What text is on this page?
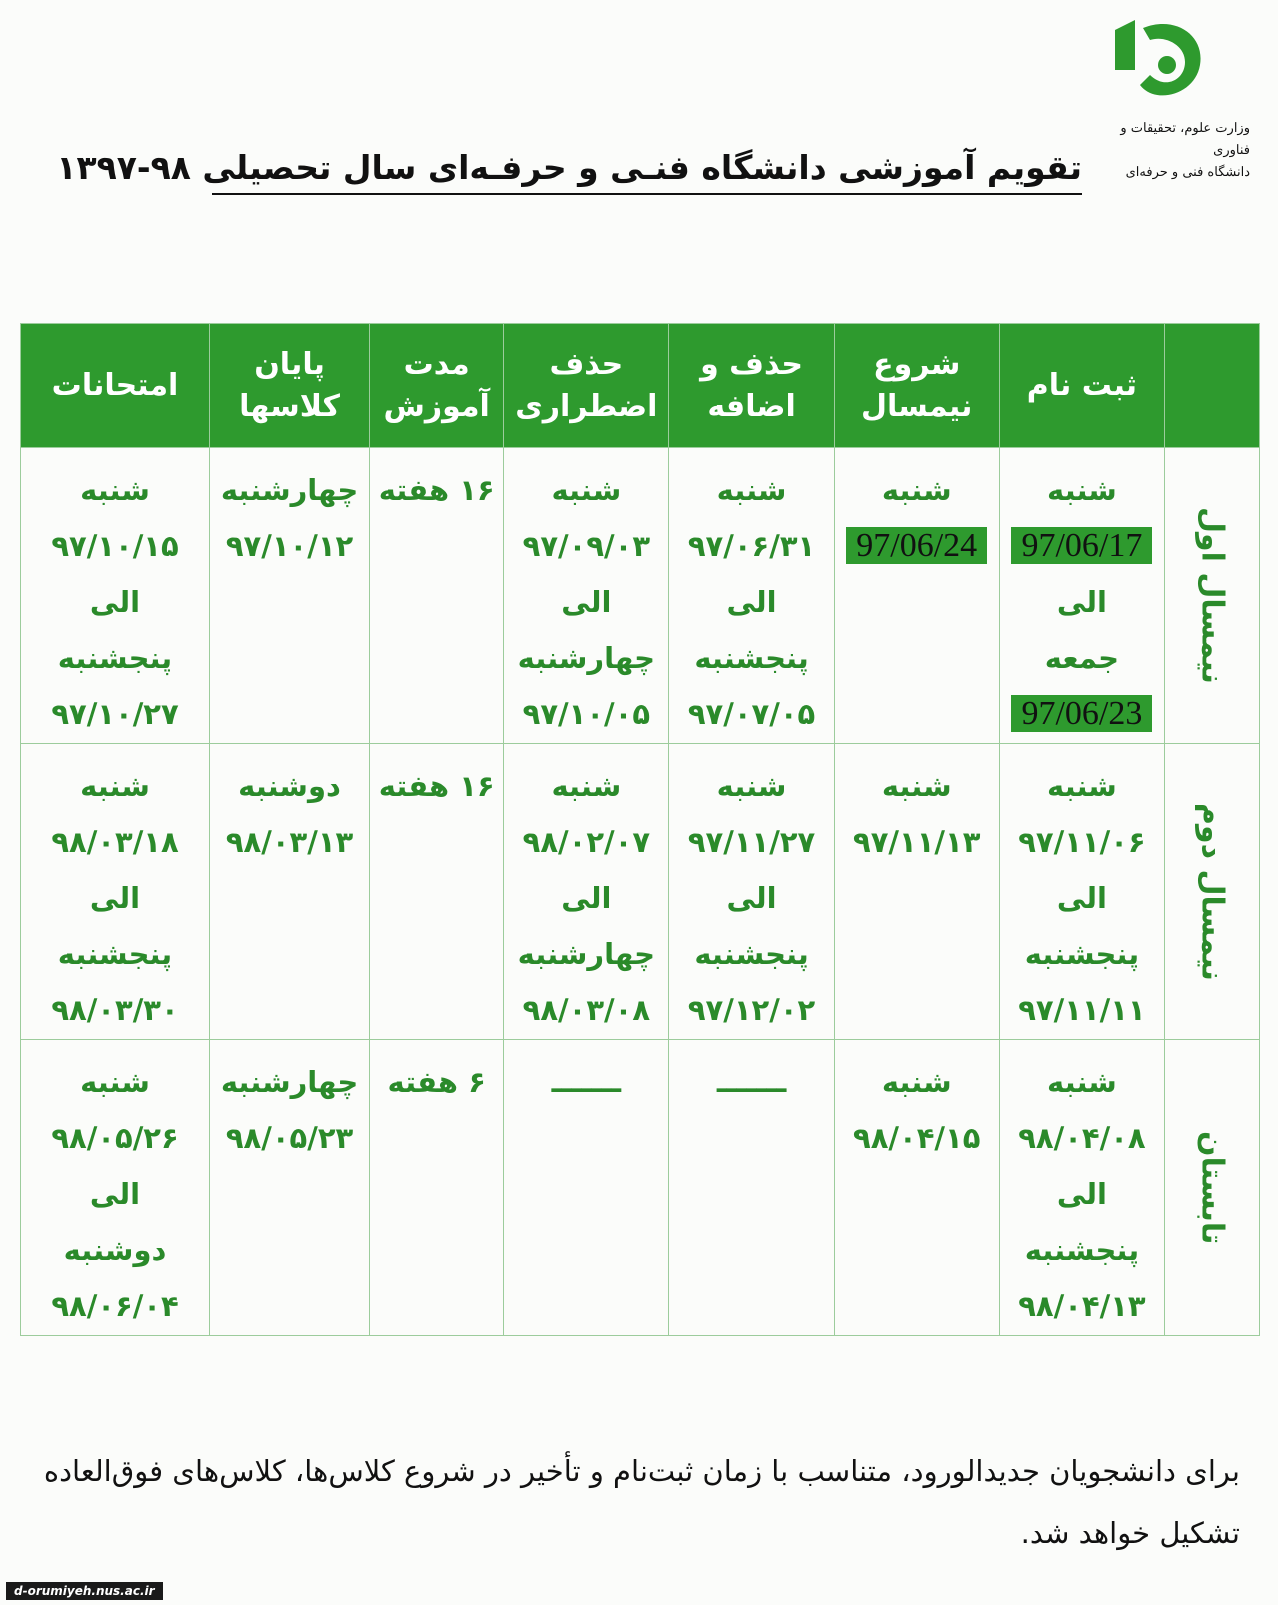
وزارت علوم، تحقیقات و فناوری
دانشگاه فنی و حرفه‌ای
تقویم آموزشی دانشگاه فنـی و حرفـه‌ای سال تحصیلی ۹۸-۱۳۹۷
	ثبت نام	شروع نیمسال	حذف و اضافه	حذف اضطراری	مدت آموزش	پایان کلاسها	امتحانات
نیمسال اول	شنبه
97/06/17
الی
جمعه
97/06/23	شنبه
97/06/24	شنبه
۹۷/۰۶/۳۱
الی
پنجشنبه
۹۷/۰۷/۰۵	شنبه
۹۷/۰۹/۰۳
الی
چهارشنبه
۹۷/۱۰/۰۵	۱۶ هفته	چهارشنبه
۹۷/۱۰/۱۲	شنبه
۹۷/۱۰/۱۵
الی
پنجشنبه
۹۷/۱۰/۲۷

نیمسال دوم	شنبه
۹۷/۱۱/۰۶
الی
پنجشنبه
۹۷/۱۱/۱۱	شنبه
۹۷/۱۱/۱۳	شنبه
۹۷/۱۱/۲۷
الی
پنجشنبه
۹۷/۱۲/۰۲	شنبه
۹۸/۰۲/۰۷
الی
چهارشنبه
۹۸/۰۳/۰۸	۱۶ هفته	دوشنبه
۹۸/۰۳/۱۳	شنبه
۹۸/۰۳/۱۸
الی
پنجشنبه
۹۸/۰۳/۳۰

تابستان	شنبه
۹۸/۰۴/۰۸
الی
پنجشنبه
۹۸/۰۴/۱۳	شنبه
۹۸/۰۴/۱۵	ـــــــ	ـــــــ	۶ هفته	چهارشنبه
۹۸/۰۵/۲۳	شنبه
۹۸/۰۵/۲۶
الی
دوشنبه
۹۸/۰۶/۰۴
برای دانشجویان جدیدالورود، متناسب با زمان ثبت‌نام و تأخیر در شروع کلاس‌ها، کلاس‌های فوق‌العاده تشکیل خواهد شد.
d-orumiyeh.nus.ac.ir
